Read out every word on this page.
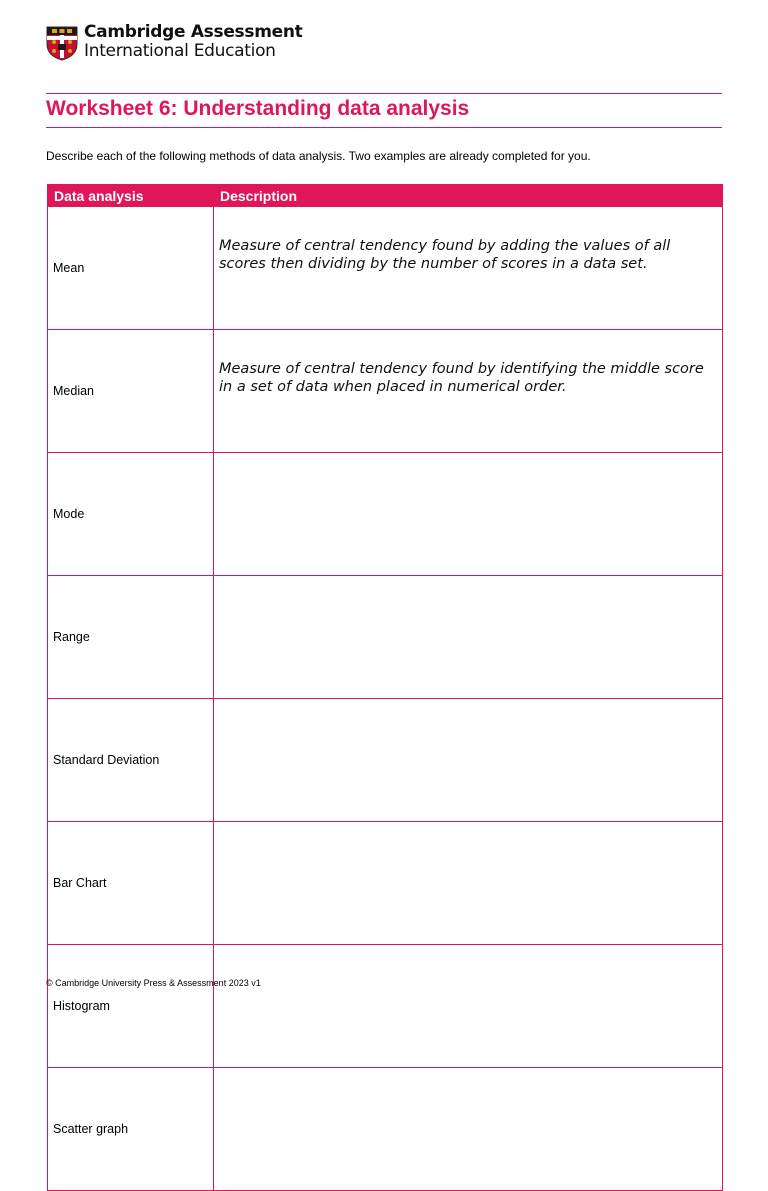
Cambridge Assessment
International Education
Worksheet 6: Understanding data analysis
Describe each of the following methods of data analysis. Two examples are already completed for you.
Data analysis	Description
Mean	Measure of central tendency found by adding the values of all scores then dividing by the number of scores in a data set.
Median	Measure of central tendency found by identifying the middle score in a set of data when placed in numerical order.
Mode	
Range	
Standard Deviation	
Bar Chart	
Histogram	
Scatter graph	
© Cambridge University Press & Assessment 2023 v1
